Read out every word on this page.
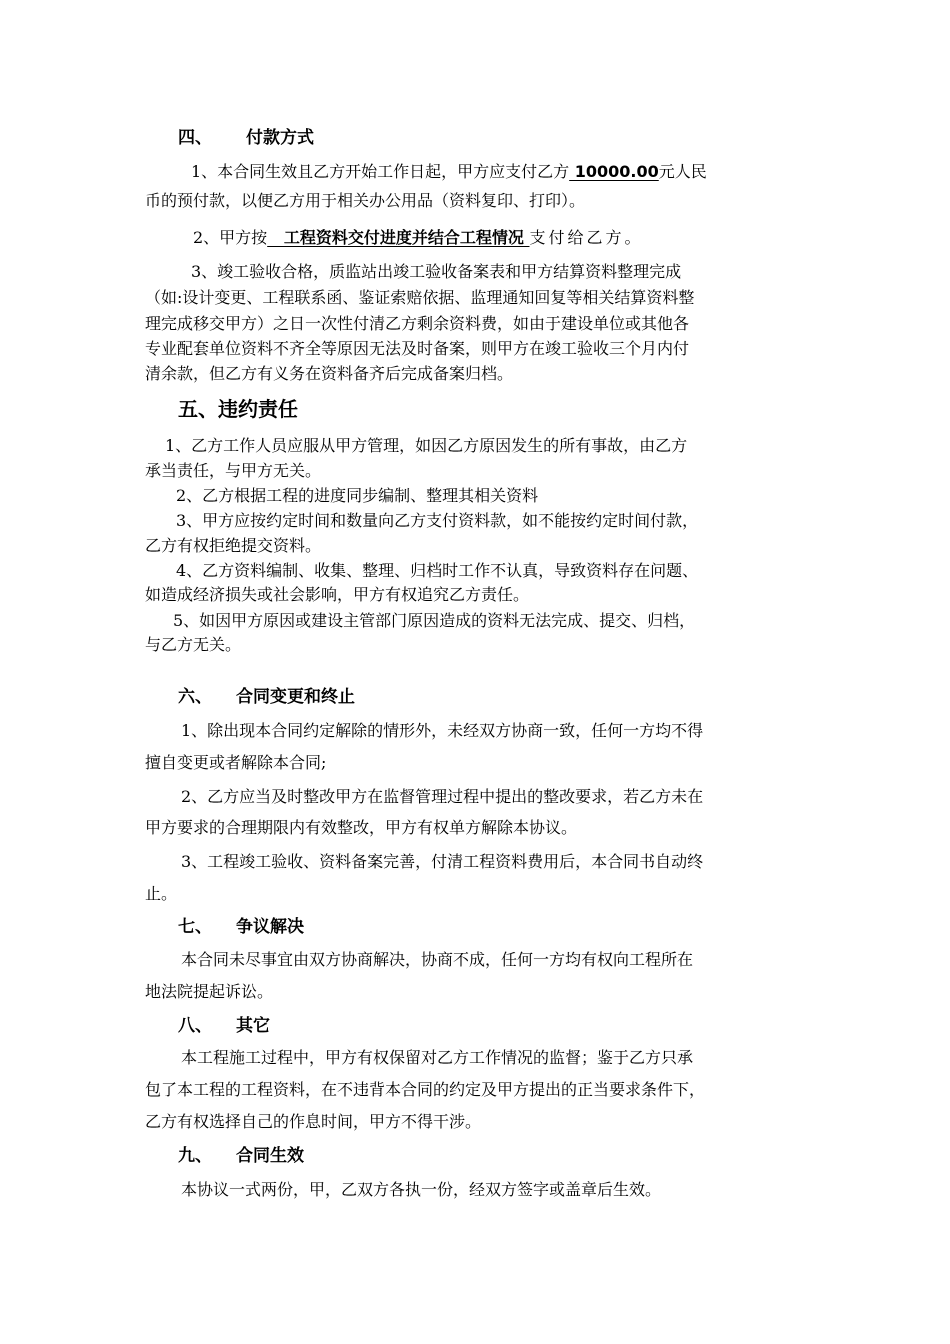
四、 付款方式
1、本合同生效且乙方开始工作日起，甲方应支付乙方 10000.00元人民
币的预付款，以便乙方用于相关办公用品（资料复印、打印）。
2、甲方按   工程资料交付进度并结合工程情况 支付给乙方。
3、竣工验收合格，质监站出竣工验收备案表和甲方结算资料整理完成
（如:设计变更、工程联系函、鉴证索赔依据、监理通知回复等相关结算资料整
理完成移交甲方）之日一次性付清乙方剩余资料费，如由于建设单位或其他各
专业配套单位资料不齐全等原因无法及时备案，则甲方在竣工验收三个月内付
清余款，但乙方有义务在资料备齐后完成备案归档。
五、违约责任
1、乙方工作人员应服从甲方管理，如因乙方原因发生的所有事故，由乙方
承当责任，与甲方无关。
2、乙方根据工程的进度同步编制、整理其相关资料
3、甲方应按约定时间和数量向乙方支付资料款，如不能按约定时间付款，
乙方有权拒绝提交资料。
4、乙方资料编制、收集、整理、归档时工作不认真，导致资料存在问题、
如造成经济损失或社会影响，甲方有权追究乙方责任。
5、如因甲方原因或建设主管部门原因造成的资料无法完成、提交、归档，
与乙方无关。
六、 合同变更和终止
1、除出现本合同约定解除的情形外，未经双方协商一致，任何一方均不得
擅自变更或者解除本合同;
2、乙方应当及时整改甲方在监督管理过程中提出的整改要求，若乙方未在
甲方要求的合理期限内有效整改，甲方有权单方解除本协议。
3、工程竣工验收、资料备案完善，付清工程资料费用后，本合同书自动终
止。
七、 争议解决
本合同未尽事宜由双方协商解决，协商不成，任何一方均有权向工程所在
地法院提起诉讼。
八、 其它
本工程施工过程中，甲方有权保留对乙方工作情况的监督；鉴于乙方只承
包了本工程的工程资料，在不违背本合同的约定及甲方提出的正当要求条件下，
乙方有权选择自己的作息时间，甲方不得干涉。
九、 合同生效
本协议一式两份，甲，乙双方各执一份，经双方签字或盖章后生效。
